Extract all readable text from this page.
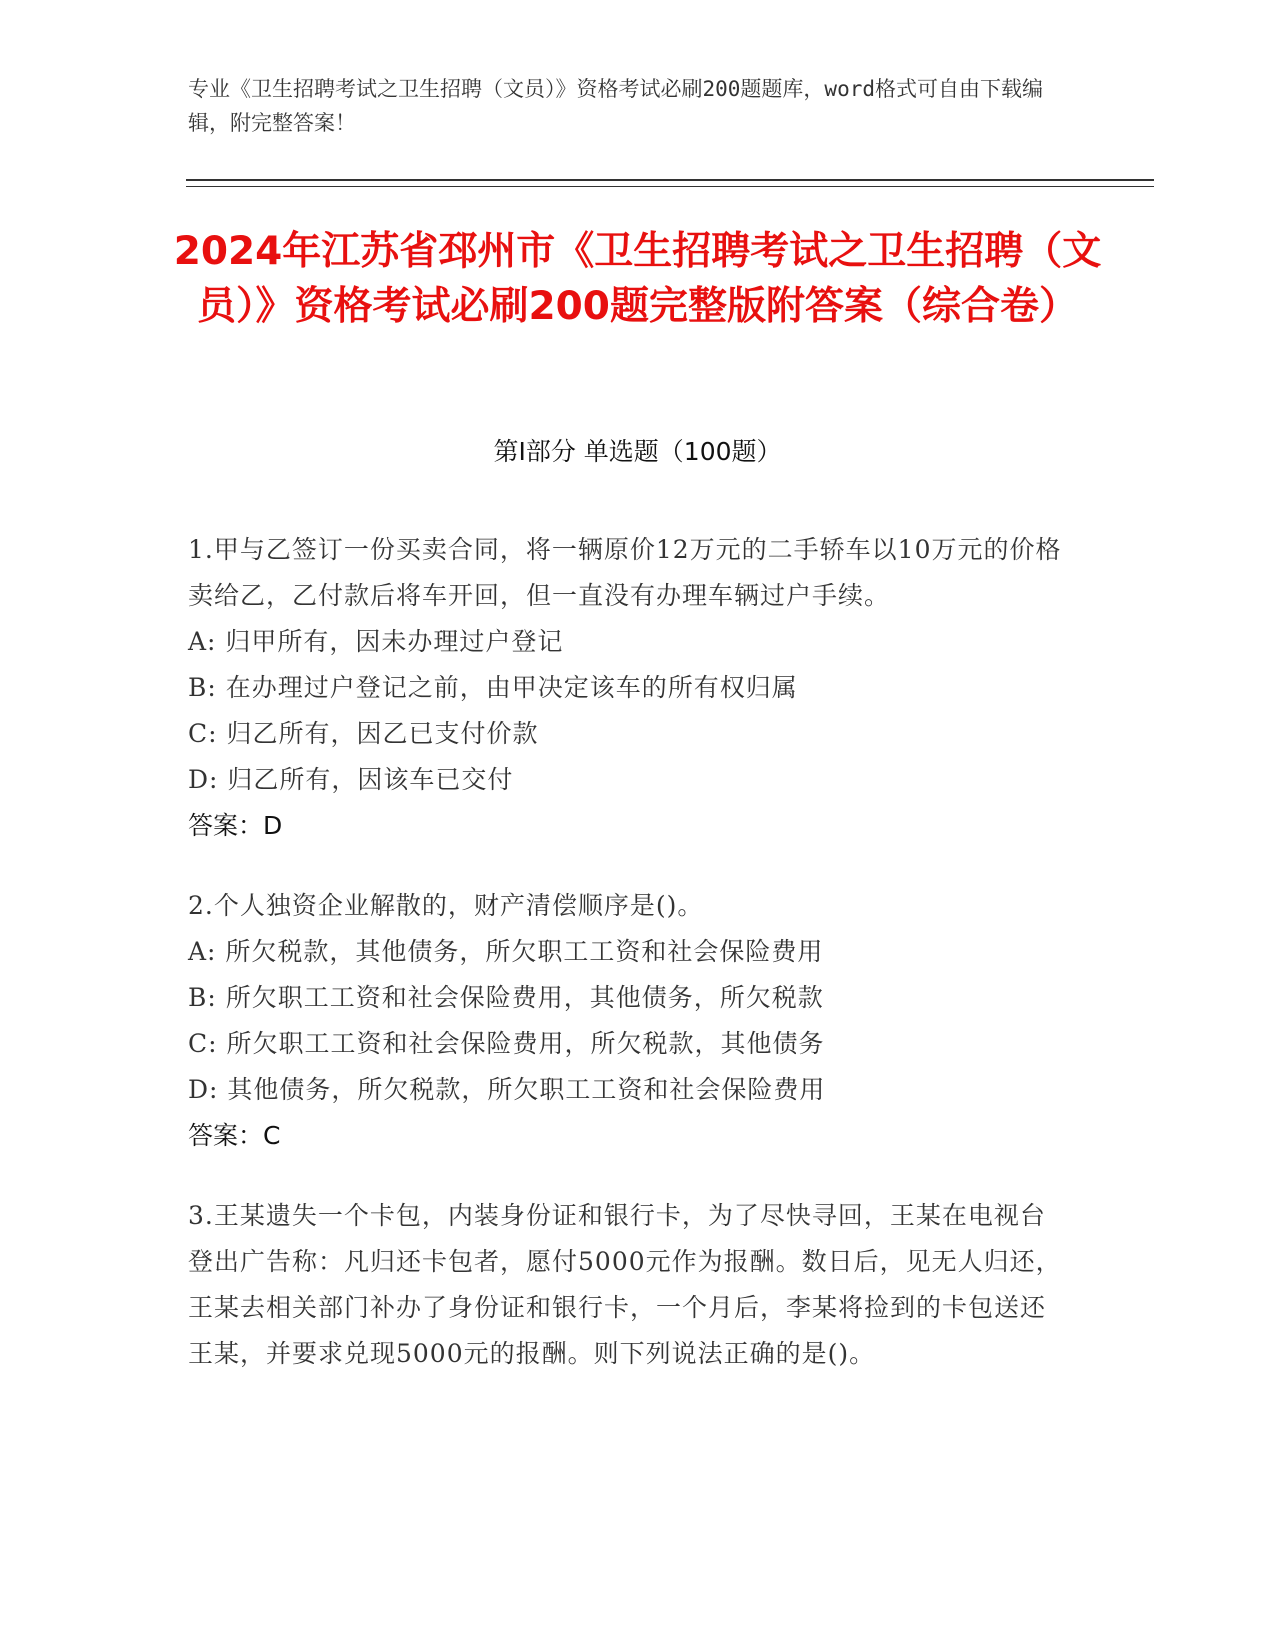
专业《卫生招聘考试之卫生招聘（文员）》资格考试必刷200题题库，word格式可自由下载编辑，附完整答案！
2024年江苏省邳州市《卫生招聘考试之卫生招聘（文员）》资格考试必刷200题完整版附答案（综合卷）
第Ⅰ部分 单选题（100题）
1.甲与乙签订一份买卖合同，将一辆原价12万元的二手轿车以10万元的价格卖给乙，乙付款后将车开回，但一直没有办理车辆过户手续。
A: 归甲所有，因未办理过户登记
B: 在办理过户登记之前，由甲决定该车的所有权归属
C: 归乙所有，因乙已支付价款
D: 归乙所有，因该车已交付
答案：D
2.个人独资企业解散的，财产清偿顺序是()。
A: 所欠税款，其他债务，所欠职工工资和社会保险费用
B: 所欠职工工资和社会保险费用，其他债务，所欠税款
C: 所欠职工工资和社会保险费用，所欠税款，其他债务
D: 其他债务，所欠税款，所欠职工工资和社会保险费用
答案：C
3.王某遗失一个卡包，内装身份证和银行卡，为了尽快寻回，王某在电视台登出广告称：凡归还卡包者，愿付5000元作为报酬。数日后，见无人归还，王某去相关部门补办了身份证和银行卡，一个月后，李某将捡到的卡包送还王某，并要求兑现5000元的报酬。则下列说法正确的是()。
